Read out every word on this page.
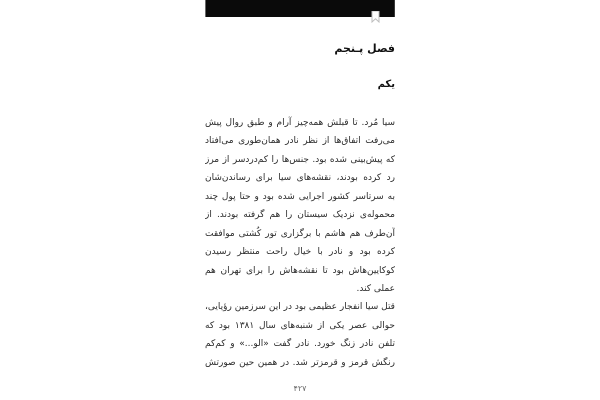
فصل پـنجم
یکم
سیا مُرد. تا قبلش همه‌چیز آرام و طبق روال پیش
می‌رفت اتفاق‌ها از نظر نادر همان‌طوری می‌افتاد
که پیش‌بینی شده بود. جنس‌ها را کم‌دردسر از مرز
رد کرده بودند، نقشه‌های سیا برای رساندن‌شان
به سرتاسر کشور اجرایی شده بود و حتا پول چند
محموله‌ی نزدیک سیستان را هم گرفته بودند. از
آن‌طرف هم هاشم با برگزاری تور کُشتی موافقت
کرده بود و نادر با خیال راحت منتظر رسیدن
کوکایین‌هاش بود تا نقشه‌هاش را برای تهران هم
عملی کند.
قتل سیا انفجار عظیمی بود در این سرزمین رؤیایی،
حوالی عصر یکی از شنبه‌های سال ۱۳۸۱ بود که
تلفن نادر زنگ خورد. نادر گفت «الو...» و کم‌کم
رنگش قرمز و قرمزتر شد. در همین حین صورتش
۴۲۷
